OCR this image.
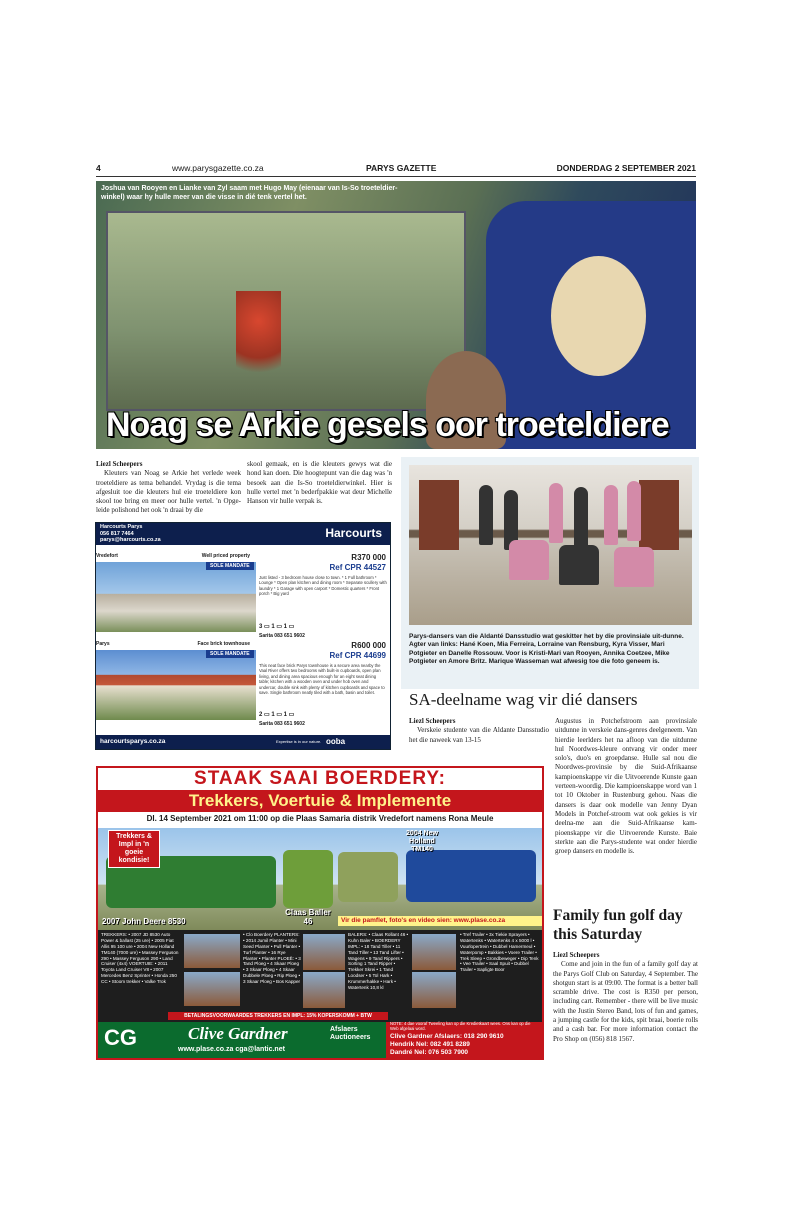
4	www.parysgazette.co.za	PARYS GAZETTE	DONDERDAG 2 SEPTEMBER 2021
Joshua van Rooyen en Lianke van Zyl saam met Hugo May (eienaar van Is-So troeteldier-winkel) waar hy hulle meer van die visse in dié tenk vertel het.
Noag se Arkie gesels oor troeteldiere
Liezl Scheepers
Kleuters van Noag se Arkie het verlede week troeteldiere as tema behandel. Vrydag is die tema afgesluit toe die kleuters hul eie troeteldiere kon skool toe bring en meer oor hulle vertel. 'n Opge-leide polishond het ook 'n draai by die
skool gemaak, en is die kleuters gewys wat die hond kan doen. Die hoogtepunt van die dag was 'n besoek aan die Is-So troeteldierwinkel. Hier is hulle vertel met 'n bederfpakkie wat deur Michelle Hanson vir hulle verpak is.
Harcourts Parys
056 817 7464
parys@harcourts.co.za
Harcourts
Vredefort	Well priced property
SOLE MANDATE
R370 000
Ref CPR 44527
Just listed - 3 bedroom house close to town. * 1 Full bathroom * Lounge * Open plan kitchen and dining room * Separate scullery with laundry * 1 Garage with open carport * Domestic quarters * Front porch * Big yard
3 ▭ 1 ▭ 1 ▭
Sarita 083 651 9602
Parys	Face brick townhouse
SOLE MANDATE
R600 000
Ref CPR 44699
This neat face brick Parys townhouse is a secure area nearby the Vaal River offers two bedrooms with built-in cupboards, open plan living, and dining area spacious enough for an eight seat dining table; kitchen with a wooden oven and under hob oven and undercar, double sink with plenty of kitchen cupboards and space to save. Single bathroom neatly tiled with a bath, basin and toilet.
2 ▭ 1 ▭ 1 ▭
Sarita 083 651 9602
harcourtsparys.co.za	Expertise is in our nature. ooba
Parys-dansers van die Aldanté Dansstudio wat geskitter het by die provinsiale uit-dunne. Agter van links: Hané Koen, Mia Ferreira, Lorraine van Rensburg, Kyra Visser, Mari Potgieter en Danelle Rossouw. Voor is Kristi-Mari van Rooyen, Annika Coetzee, Mike Potgieter en Amore Britz. Marique Wasseman wat afwesig toe die foto geneem is.
SA-deelname wag vir dié dansers
Liezl Scheepers
Verskeie studente van die Aldante Dansstudio het die naweek van 13-15
Augustus in Potchefstroom aan provinsiale uitdunne in verskeie dans-genres deelgeneem. Van hierdie leerlders het na afloop van die uitdunne hul Noordwes-kleure ontvang vir onder meer solo's, duo's en groepdanse. Hulle sal nou die Noordwes-provinsie by die Suid-Afrikaanse kampioenskappe vir die Uitvoerende Kunste gaan verteen-woordig. Die kampioenskappe word van 1 tot 10 Oktober in Rustenburg gehou. Naas die dansers is daar ook modelle van Jenny Dyan Models in Potchef-stroom wat ook gekies is vir deelna-me aan die Suid-Afrikaanse kam-pioenskappe vir die Uitvoerende Kunste. Baie sterkte aan die Parys-studente wat onder hierdie groep dansers en modelle is.
STAAK SAAI BOERDERY:
Trekkers, Voertuie & Implemente
DI. 14 September 2021 om 11:00 op die Plaas Samaria distrik Vredefort namens Rona Meule
Trekkers & Impl in 'n goeie kondisie!
2004 New Holland TM140
2007 John Deere 8530
Claas Baller 46	Vir die pamflet, foto's en video sien: www.plase.co.za
TREKKERS: • 2007 JD 8530 Auto Power & ballast (25 ure) • 2005 Fiat Allis 95 100 ure • 2004 New Holland TM140 (7000 ure) • Massey Ferguson 290 • Massey Ferguson 290 • Land Cruiser (4x4) VOERTUIE: • 2011 Toyota Land Cruiser V8 • 2007 Mercedes Benz Sprinter • Honda 250 CC • Stoom trekker • Valke Trok
• Clo Boerdery PLANTERS: • 2014 Jumil Planter • Mini Seed Planter • Pull Planter • Turf Planter • 16 Rye Planter • Planter PLOEË: • 3 Tand Ploeg • 4 Skaar Ploeg • 3 Skaar Ploeg • 4 Skaar Dubbele Ploeg • Rip Ploeg • 3 Skaar Ploeg • Bos Kapper
BALERS: • Claas Rollant 46 • Kuhn Baler • BOERDERY IMPL: • 18 Tand Tiller • 11 Tand Tiller • 13 Tand Lifter • Wagens • 9 Tand Rippers • Sorting 1 Tand Ripper • Trekker Skrei • 1 Tand Loodser • 5 Tol Hark • Krummerhakke • Hark • Watertenk 10,8 kl
• Tref Trailer • 3x Tiekie Sprayers • Watertenks • Watertenks 4 x 5000 l • Vuurlopertrein • Dubbel Hamermeul • Waterpomp • Bakkies • Voere Trailer • Trek Sleep • Grondbeweger • Dip Tenk • Vee Trailer • Saal Spuit • Dubbel Trailer • Sapligte Boor
BETALINGSVOORWAARDES TREKKERS EN IMPL: 15% KOPERSKOMM + BTW
CG	Clive Gardner	Afslaers Auctioneers
www.plase.co.za cga@lantic.net
NOTE: 4 dae vooraf Tweeling kan op die Kredietkaart wees. Ons kan op die Web afgelaai word.
Clive Gardner Afslaers: 018 290 9610
Hendrik Nel: 082 491 8289
Dandré Nel: 076 503 7900
Family fun golf day this Saturday
Liezl Scheepers
Come and join in the fun of a family golf day at the Parys Golf Club on Saturday, 4 September. The shotgun start is at 09:00. The format is a better ball scramble drive. The cost is R350 per person, including cart. Remember - there will be live music with the Justin Stereo Band, lots of fun and games, a jumping castle for the kids, spit braai, boerie rolls and a cash bar. For more information contact the Pro Shop on (056) 818 1567.
